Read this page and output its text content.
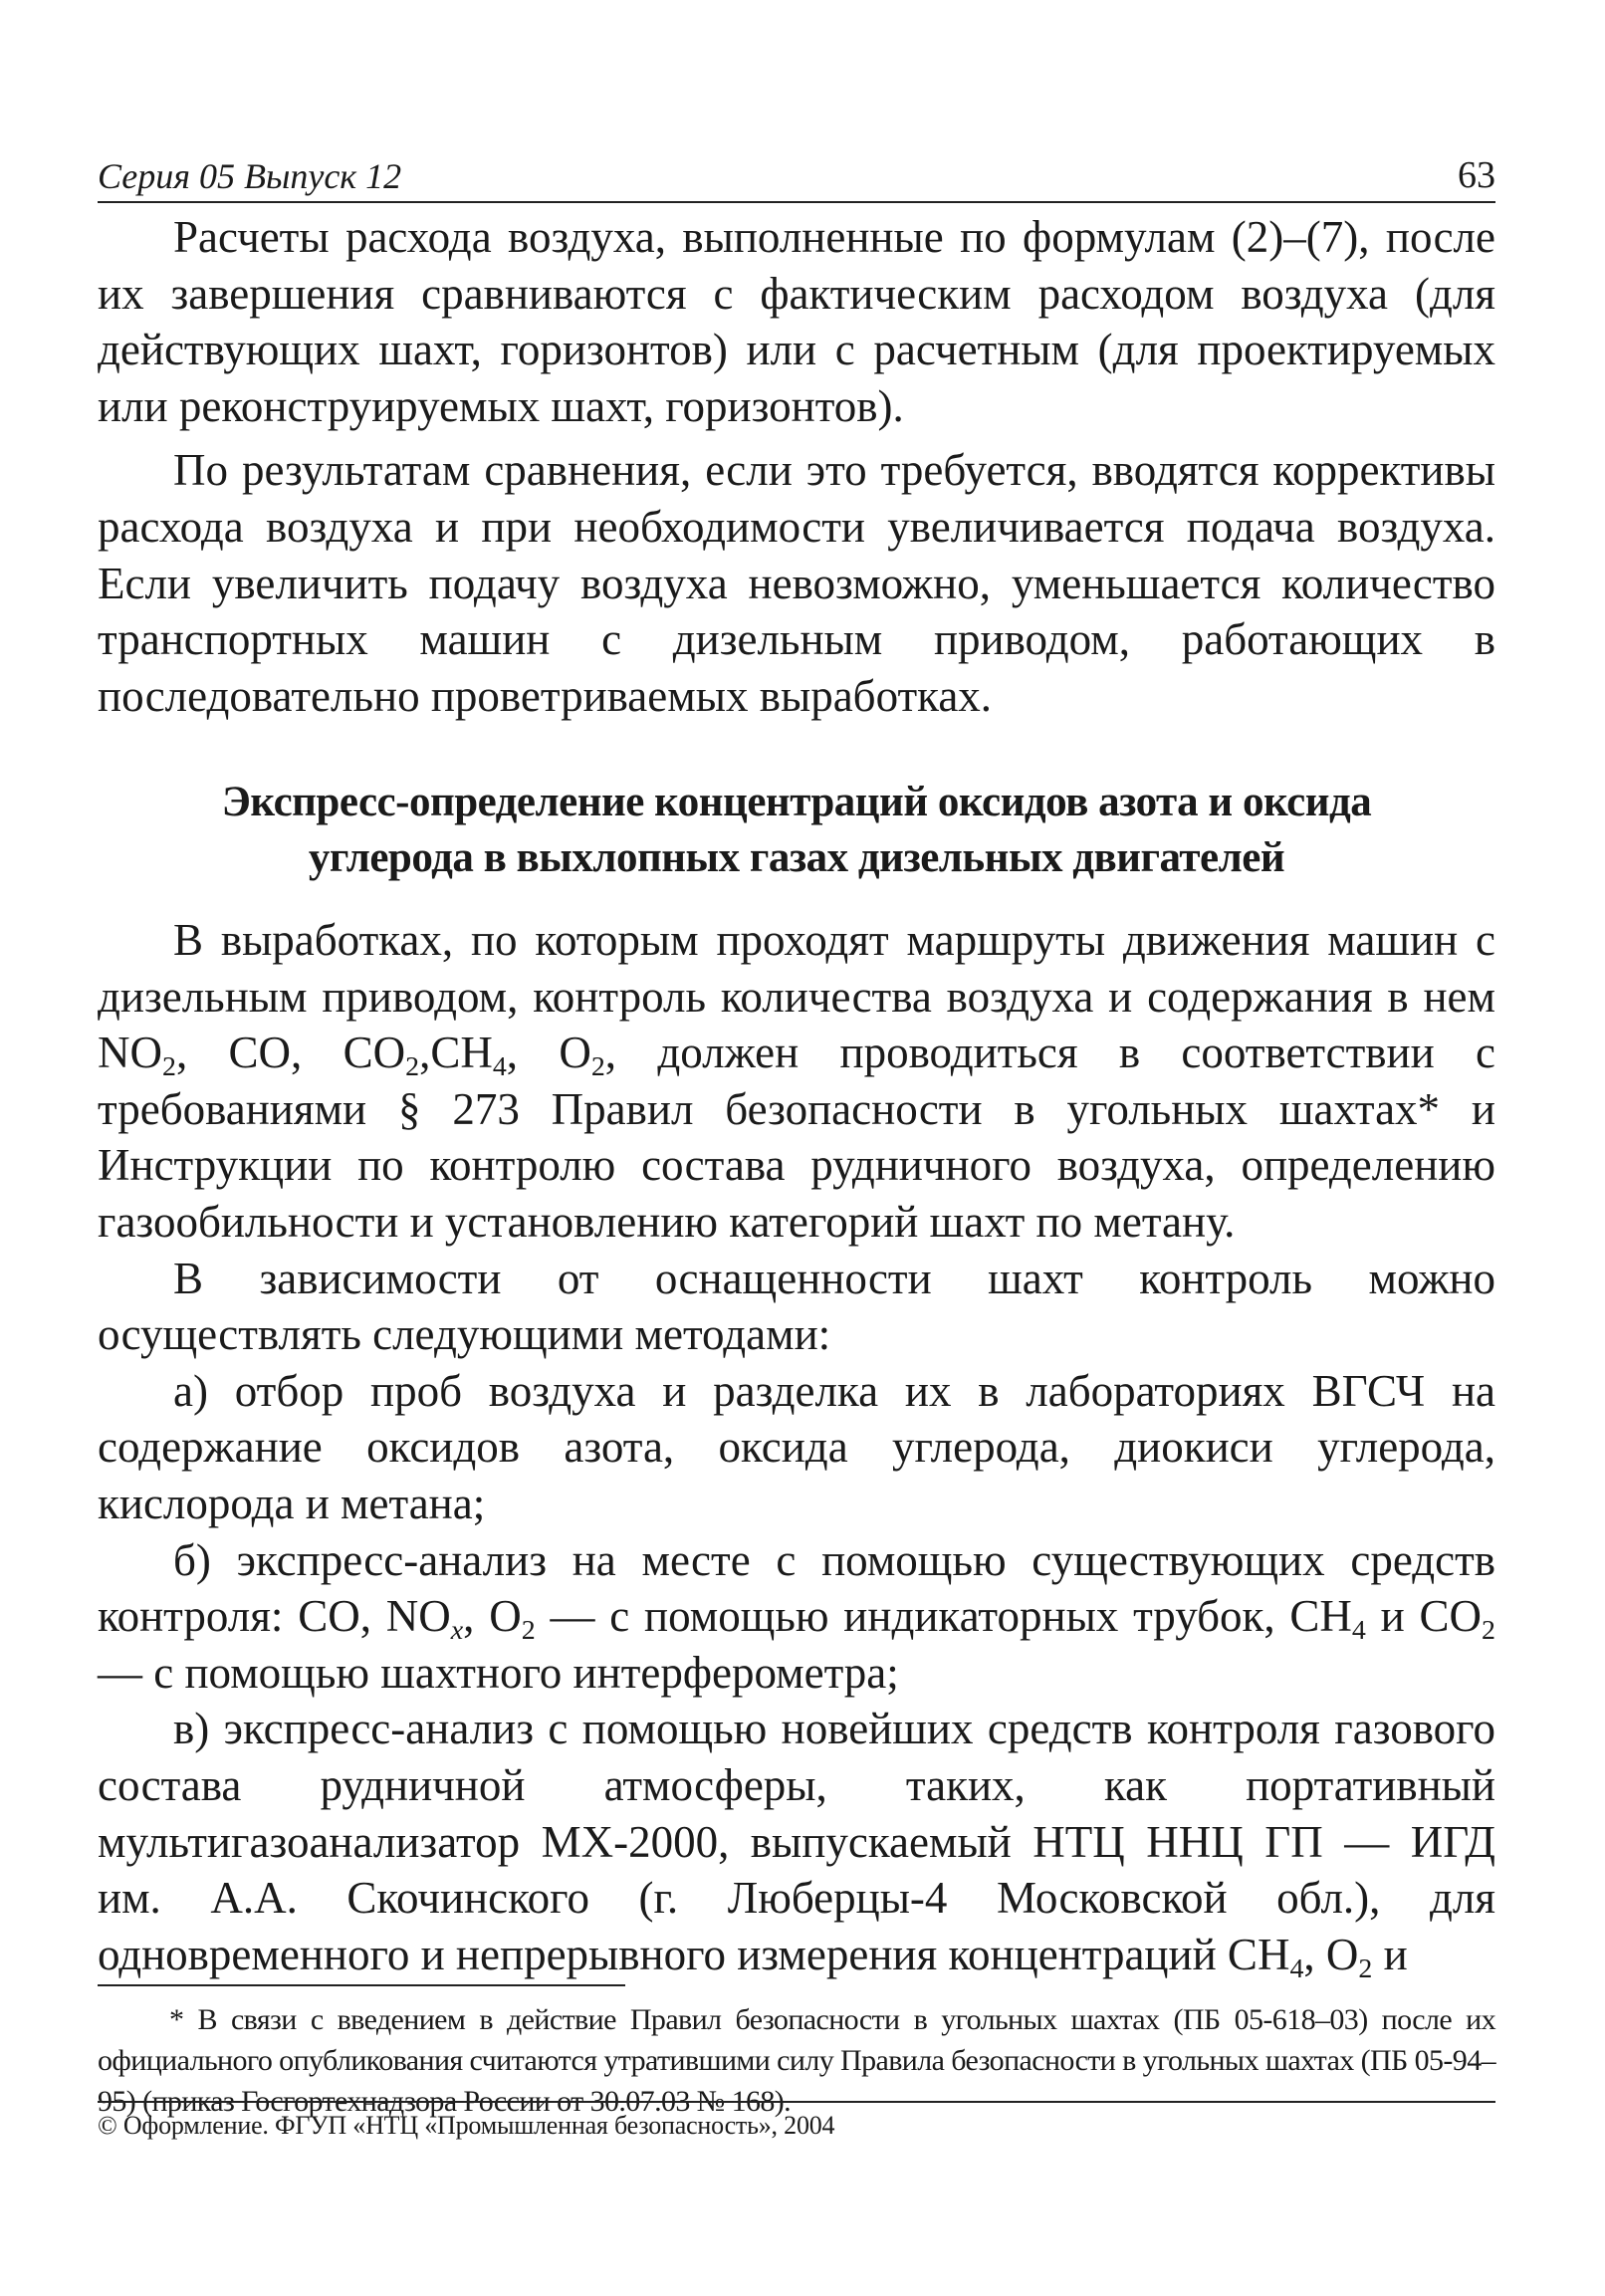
Серия 05 Выпуск 12	63

Расчеты расхода воздуха, выполненные по формулам (2)–(7), после их завершения сравниваются с фактическим расходом воздуха (для действующих шахт, горизонтов) или с расчетным (для проектируемых или реконструируемых шахт, горизонтов).

По результатам сравнения, если это требуется, вводятся коррективы расхода воздуха и при необходимости увеличивается подача воздуха. Если увеличить подачу воздуха невозможно, уменьшается количество транспортных машин с дизельным приводом, работающих в последовательно проветриваемых выработках.

Экспресс-определение концентраций оксидов азота и оксида
углерода в выхлопных газах дизельных двигателей

В выработках, по которым проходят маршруты движения машин с дизельным приводом, контроль количества воздуха и содержания в нем $NO_2$, CO, $CO_2,CH_4$, $O_2$, должен проводиться в соответствии с требованиями § 273 Правил безопасности в угольных шахтах* и Инструкции по контролю состава рудничного воздуха, определению газообильности и установлению категорий шахт по метану.

В зависимости от оснащенности шахт контроль можно осуществлять следующими методами:

а) отбор проб воздуха и разделка их в лабораториях ВГСЧ на содержание оксидов азота, оксида углерода, диокиси углерода, кислорода и метана;

б) экспресс-анализ на месте с помощью существующих средств контроля: CO, $NO_x$, $O_2$ — с помощью индикаторных трубок, $CH_4$ и $CO_2$ — с помощью шахтного интерферометра;

в) экспресс-анализ с помощью новейших средств контроля газового состава рудничной атмосферы, таких, как портативный мультигазоанализатор МХ-2000, выпускаемый НТЦ ННЦ ГП — ИГД им. А.А. Скочинского (г. Люберцы-4 Московской обл.), для одновременного и непрерывного измерения концентраций $CH_4$, $O_2$ и

* В связи с введением в действие Правил безопасности в угольных шахтах (ПБ 05-618–03) после их официального опубликования считаются утратившими силу Правила безопасности в угольных шахтах (ПБ 05-94–95) (приказ Госгортехнадзора России от 30.07.03 № 168).
© Оформление. ФГУП «НТЦ «Промышленная безопасность», 2004
